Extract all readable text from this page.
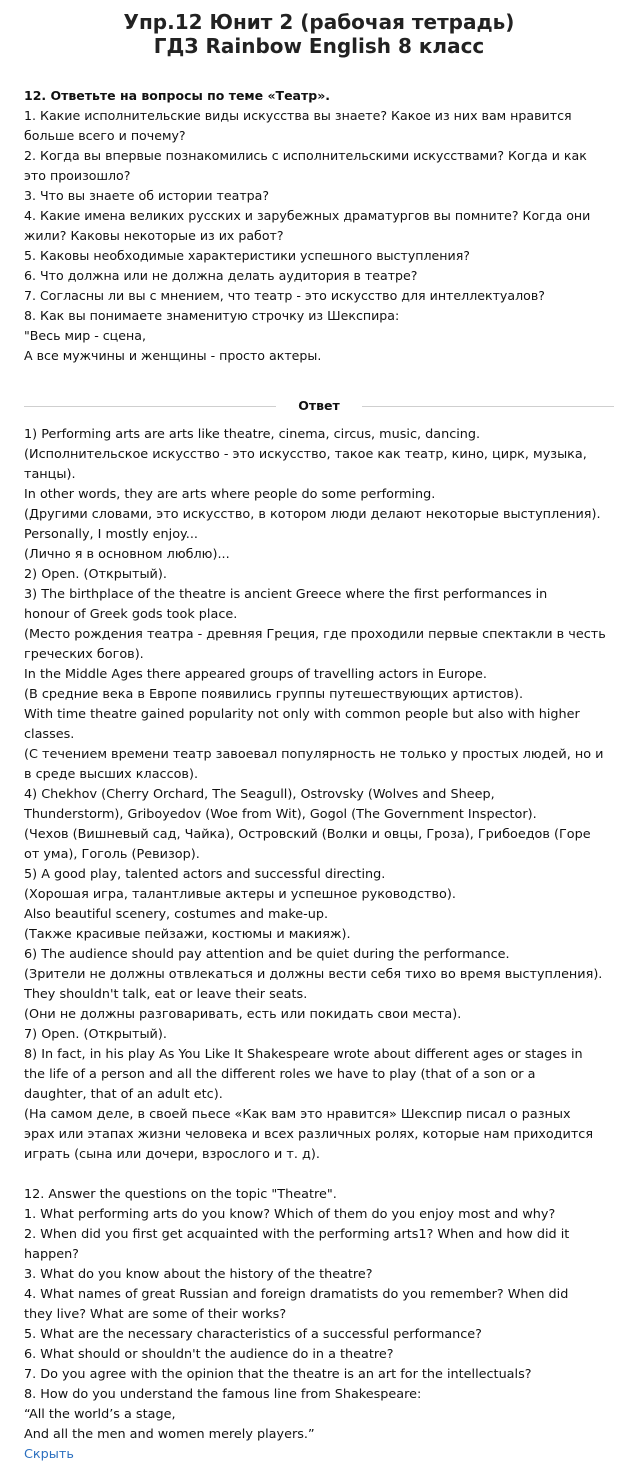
Упр.12 Юнит 2 (рабочая тетрадь)
ГДЗ Rainbow English 8 класс
12. Ответьте на вопросы по теме «Театр».
1. Какие исполнительские виды искусства вы знаете? Какое из них вам нравится
больше всего и почему?
2. Когда вы впервые познакомились с исполнительскими искусствами? Когда и как
это произошло?
3. Что вы знаете об истории театра?
4. Какие имена великих русских и зарубежных драматургов вы помните? Когда они
жили? Каковы некоторые из их работ?
5. Каковы необходимые характеристики успешного выступления?
6. Что должна или не должна делать аудитория в театре?
7. Согласны ли вы с мнением, что театр - это искусство для интеллектуалов?
8. Как вы понимаете знаменитую строчку из Шекспира:
"Весь мир - сцена,
А все мужчины и женщины - просто актеры.
Ответ
1) Performing arts are arts like theatre, cinema, circus, music, dancing.
(Исполнительское искусство - это искусство, такое как театр, кино, цирк, музыка,
танцы).
In other words, they are arts where people do some performing.
(Другими словами, это искусство, в котором люди делают некоторые выступления).
Personally, I mostly enjoy...
(Лично я в основном люблю)...
2) Open. (Открытый).
3) The birthplace of the theatre is ancient Greece where the first performances in
honour of Greek gods took place.
(Место рождения театра - древняя Греция, где проходили первые спектакли в честь
греческих богов).
In the Middle Ages there appeared groups of travelling actors in Europe.
(В средние века в Европе появились группы путешествующих артистов).
With time theatre gained popularity not only with common people but also with higher
classes.
(С течением времени театр завоевал популярность не только у простых людей, но и
в среде высших классов).
4) Chekhov (Cherry Orchard, The Seagull), Ostrovsky (Wolves and Sheep,
Thunderstorm), Griboyedov (Woe from Wit), Gogol (The Government Inspector).
(Чехов (Вишневый сад, Чайка), Островский (Волки и овцы, Гроза), Грибоедов (Горе
от ума), Гоголь (Ревизор).
5) A good play, talented actors and successful directing.
(Хорошая игра, талантливые актеры и успешное руководство).
Also beautiful scenery, costumes and make-up.
(Также красивые пейзажи, костюмы и макияж).
6) The audience should pay attention and be quiet during the performance.
(Зрители не должны отвлекаться и должны вести себя тихо во время выступления).
They shouldn't talk, eat or leave their seats.
(Они не должны разговаривать, есть или покидать свои места).
7) Open. (Открытый).
8) In fact, in his play As You Like It Shakespeare wrote about different ages or stages in
the life of a person and all the different roles we have to play (that of a son or a
daughter, that of an adult etc).
(На самом деле, в своей пьесе «Как вам это нравится» Шекспир писал о разных
эрах или этапах жизни человека и всех различных ролях, которые нам приходится
играть (сына или дочери, взрослого и т. д).
12. Answer the questions on the topic "Theatre".
1. What performing arts do you know? Which of them do you enjoy most and why?
2. When did you first get acquainted with the performing arts1? When and how did it
happen?
3. What do you know about the history of the theatre?
4. What names of great Russian and foreign dramatists do you remember? When did
they live? What are some of their works?
5. What are the necessary characteristics of a successful performance?
6. What should or shouldn't the audience do in a theatre?
7. Do you agree with the opinion that the theatre is an art for the intellectuals?
8. How do you understand the famous line from Shakespeare:
“All the world’s a stage,
And all the men and women merely players.”
Скрыть
